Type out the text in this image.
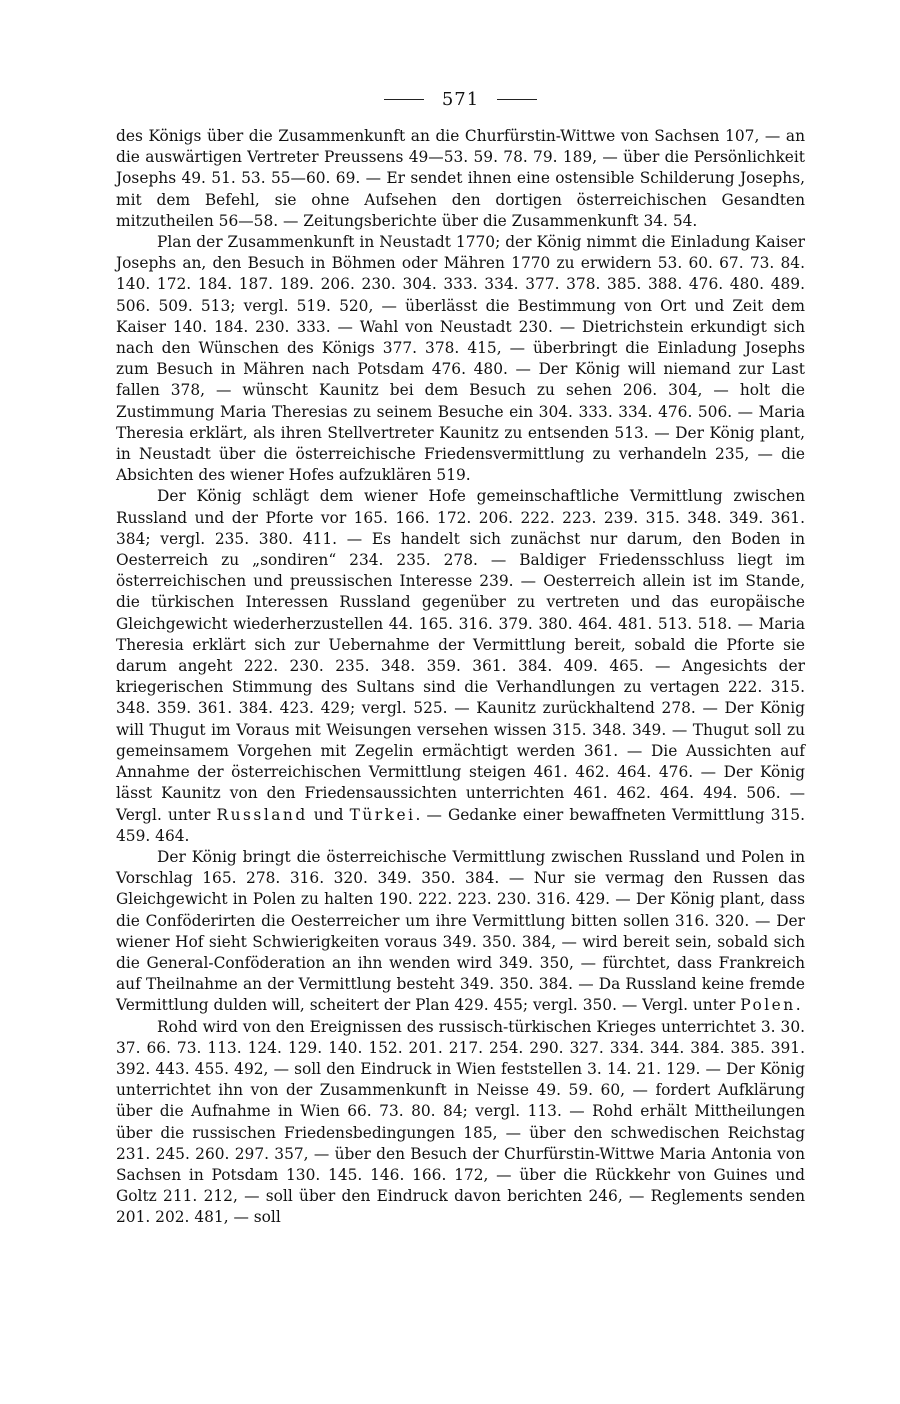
571

des Königs über die Zusammenkunft an die Churfürstin-Wittwe von Sachsen 107, — an die auswärtigen Vertreter Preussens 49—53. 59. 78. 79. 189, — über die Persönlichkeit Josephs 49. 51. 53. 55—60. 69. — Er sendet ihnen eine ostensible Schilderung Josephs, mit dem Befehl, sie ohne Aufsehen den dortigen österreichischen Gesandten mitzutheilen 56—58. — Zeitungsberichte über die Zusammenkunft 34. 54.

Plan der Zusammenkunft in Neustadt 1770; der König nimmt die Einladung Kaiser Josephs an, den Besuch in Böhmen oder Mähren 1770 zu erwidern 53. 60. 67. 73. 84. 140. 172. 184. 187. 189. 206. 230. 304. 333. 334. 377. 378. 385. 388. 476. 480. 489. 506. 509. 513; vergl. 519. 520, — überlässt die Bestimmung von Ort und Zeit dem Kaiser 140. 184. 230. 333. — Wahl von Neustadt 230. — Dietrichstein erkundigt sich nach den Wünschen des Königs 377. 378. 415, — überbringt die Einladung Josephs zum Besuch in Mähren nach Potsdam 476. 480. — Der König will niemand zur Last fallen 378, — wünscht Kaunitz bei dem Besuch zu sehen 206. 304, — holt die Zustimmung Maria Theresias zu seinem Besuche ein 304. 333. 334. 476. 506. — Maria Theresia erklärt, als ihren Stellvertreter Kaunitz zu entsenden 513. — Der König plant, in Neustadt über die österreichische Friedensvermittlung zu verhandeln 235, — die Absichten des wiener Hofes aufzuklären 519.

Der König schlägt dem wiener Hofe gemeinschaftliche Vermittlung zwischen Russland und der Pforte vor 165. 166. 172. 206. 222. 223. 239. 315. 348. 349. 361. 384; vergl. 235. 380. 411. — Es handelt sich zunächst nur darum, den Boden in Oesterreich zu „sondiren“ 234. 235. 278. — Baldiger Friedensschluss liegt im österreichischen und preussischen Interesse 239. — Oesterreich allein ist im Stande, die türkischen Interessen Russland gegenüber zu vertreten und das europäische Gleichgewicht wiederherzustellen 44. 165. 316. 379. 380. 464. 481. 513. 518. — Maria Theresia erklärt sich zur Uebernahme der Vermittlung bereit, sobald die Pforte sie darum angeht 222. 230. 235. 348. 359. 361. 384. 409. 465. — Angesichts der kriegerischen Stimmung des Sultans sind die Verhandlungen zu vertagen 222. 315. 348. 359. 361. 384. 423. 429; vergl. 525. — Kaunitz zurückhaltend 278. — Der König will Thugut im Voraus mit Weisungen versehen wissen 315. 348. 349. — Thugut soll zu gemeinsamem Vorgehen mit Zegelin ermächtigt werden 361. — Die Aussichten auf Annahme der österreichischen Vermittlung steigen 461. 462. 464. 476. — Der König lässt Kaunitz von den Friedensaussichten unterrichten 461. 462. 464. 494. 506. — Vergl. unter Russland und Türkei. — Gedanke einer bewaffneten Vermittlung 315. 459. 464.

Der König bringt die österreichische Vermittlung zwischen Russland und Polen in Vorschlag 165. 278. 316. 320. 349. 350. 384. — Nur sie vermag den Russen das Gleichgewicht in Polen zu halten 190. 222. 223. 230. 316. 429. — Der König plant, dass die Conföderirten die Oesterreicher um ihre Vermittlung bitten sollen 316. 320. — Der wiener Hof sieht Schwierigkeiten voraus 349. 350. 384, — wird bereit sein, sobald sich die General-Conföderation an ihn wenden wird 349. 350, — fürchtet, dass Frankreich auf Theilnahme an der Vermittlung besteht 349. 350. 384. — Da Russland keine fremde Vermittlung dulden will, scheitert der Plan 429. 455; vergl. 350. — Vergl. unter Polen.

Rohd wird von den Ereignissen des russisch-türkischen Krieges unterrichtet 3. 30. 37. 66. 73. 113. 124. 129. 140. 152. 201. 217. 254. 290. 327. 334. 344. 384. 385. 391. 392. 443. 455. 492, — soll den Eindruck in Wien feststellen 3. 14. 21. 129. — Der König unterrichtet ihn von der Zusammenkunft in Neisse 49. 59. 60, — fordert Aufklärung über die Aufnahme in Wien 66. 73. 80. 84; vergl. 113. — Rohd erhält Mittheilungen über die russischen Friedensbedingungen 185, — über den schwedischen Reichstag 231. 245. 260. 297. 357, — über den Besuch der Churfürstin-Wittwe Maria Antonia von Sachsen in Potsdam 130. 145. 146. 166. 172, — über die Rückkehr von Guines und Goltz 211. 212, — soll über den Eindruck davon berichten 246, — Reglements senden 201. 202. 481, — soll
